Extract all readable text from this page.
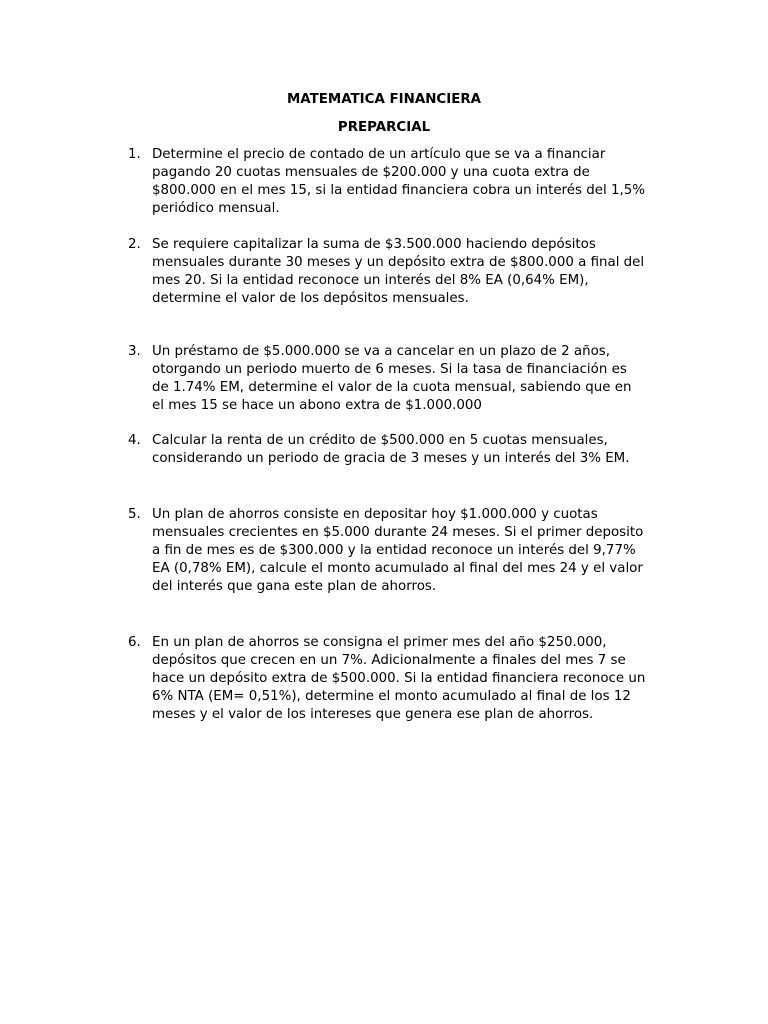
MATEMATICA FINANCIERA
PREPARCIAL
1. Determine el precio de contado de un artículo que se va a financiar
pagando 20 cuotas mensuales de $200.000 y una cuota extra de
$800.000 en el mes 15, si la entidad financiera cobra un interés del 1,5%
periódico mensual.
2. Se requiere capitalizar la suma de $3.500.000 haciendo depósitos
mensuales durante 30 meses y un depósito extra de $800.000 a final del
mes 20. Si la entidad reconoce un interés del 8% EA (0,64% EM),
determine el valor de los depósitos mensuales.
3. Un préstamo de $5.000.000 se va a cancelar en un plazo de 2 años,
otorgando un periodo muerto de 6 meses. Si la tasa de financiación es
de 1.74% EM, determine el valor de la cuota mensual, sabiendo que en
el mes 15 se hace un abono extra de $1.000.000
4. Calcular la renta de un crédito de $500.000 en 5 cuotas mensuales,
considerando un periodo de gracia de 3 meses y un interés del 3% EM.
5. Un plan de ahorros consiste en depositar hoy $1.000.000 y cuotas
mensuales crecientes en $5.000 durante 24 meses. Si el primer deposito
a fin de mes es de $300.000 y la entidad reconoce un interés del 9,77%
EA (0,78% EM), calcule el monto acumulado al final del mes 24 y el valor
del interés que gana este plan de ahorros.
6. En un plan de ahorros se consigna el primer mes del año $250.000,
depósitos que crecen en un 7%. Adicionalmente a finales del mes 7 se
hace un depósito extra de $500.000. Si la entidad financiera reconoce un
6% NTA (EM= 0,51%), determine el monto acumulado al final de los 12
meses y el valor de los intereses que genera ese plan de ahorros.
